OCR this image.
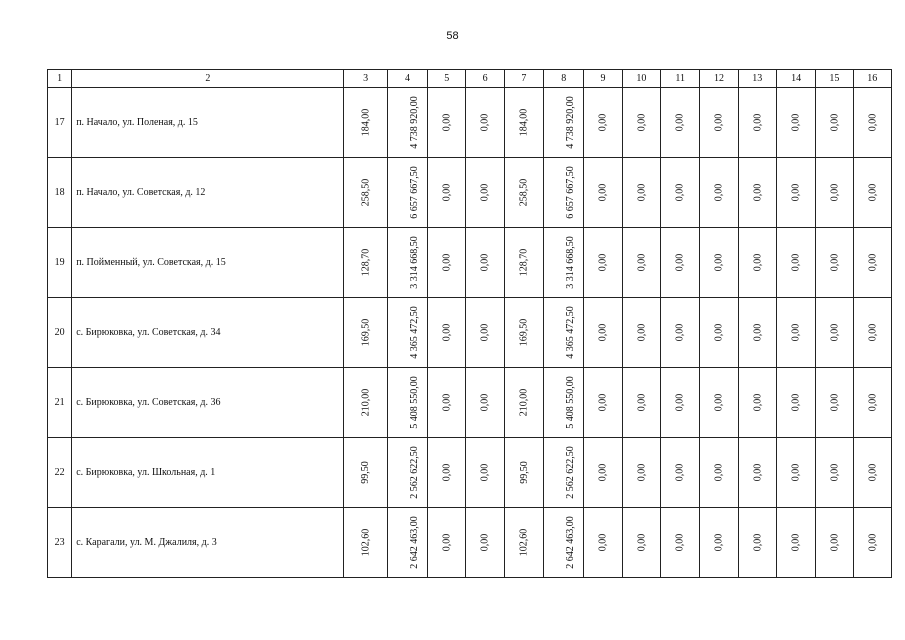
58
1	2	3	4	5	6	7	8	9	10	11	12	13	14	15	16
17	п. Начало, ул. Поленая, д. 15	184,00	4 738 920,00	0,00	0,00	184,00	4 738 920,00	0,00	0,00	0,00	0,00	0,00	0,00	0,00	0,00
18	п. Начало, ул. Советская, д. 12	258,50	6 657 667,50	0,00	0,00	258,50	6 657 667,50	0,00	0,00	0,00	0,00	0,00	0,00	0,00	0,00
19	п. Пойменный, ул. Советская, д. 15	128,70	3 314 668,50	0,00	0,00	128,70	3 314 668,50	0,00	0,00	0,00	0,00	0,00	0,00	0,00	0,00
20	с. Бирюковка, ул. Советская, д. 34	169,50	4 365 472,50	0,00	0,00	169,50	4 365 472,50	0,00	0,00	0,00	0,00	0,00	0,00	0,00	0,00
21	с. Бирюковка, ул. Советская, д. 36	210,00	5 408 550,00	0,00	0,00	210,00	5 408 550,00	0,00	0,00	0,00	0,00	0,00	0,00	0,00	0,00
22	с. Бирюковка, ул. Школьная, д. 1	99,50	2 562 622,50	0,00	0,00	99,50	2 562 622,50	0,00	0,00	0,00	0,00	0,00	0,00	0,00	0,00
23	с. Карагали, ул. М. Джалиля, д. 3	102,60	2 642 463,00	0,00	0,00	102,60	2 642 463,00	0,00	0,00	0,00	0,00	0,00	0,00	0,00	0,00
